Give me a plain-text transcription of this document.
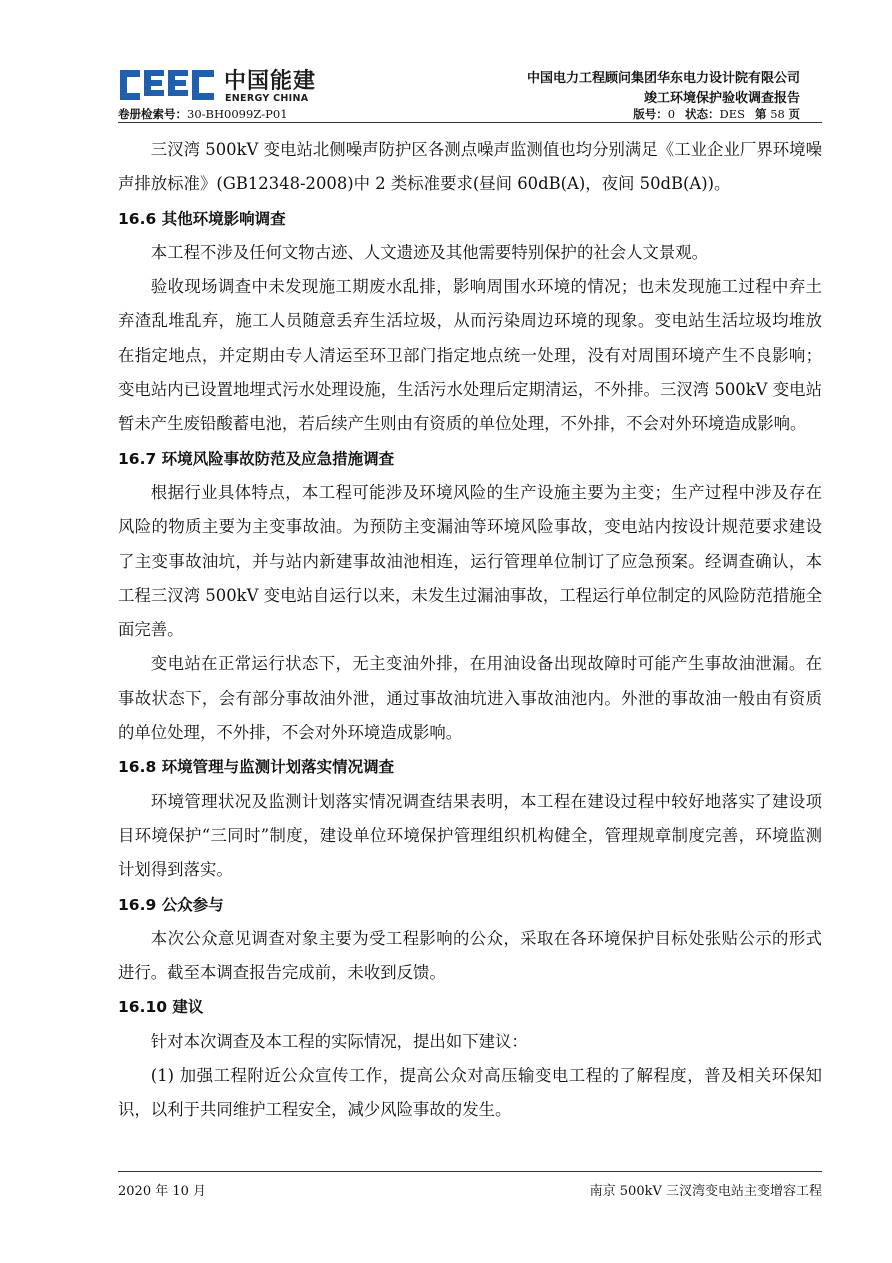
中国能建
ENERGY CHINA
中国电力工程顾问集团华东电力设计院有限公司
竣工环境保护验收调查报告
卷册检索号：30-BH0099Z-P01	版号：0 状态：DES 第 58 页

三汊湾 500kV 变电站北侧噪声防护区各测点噪声监测值也均分别满足《工业企业厂界环境噪声排放标准》(GB12348-2008)中 2 类标准要求(昼间 60dB(A)，夜间 50dB(A))。

16.6 其他环境影响调查

本工程不涉及任何文物古迹、人文遗迹及其他需要特别保护的社会人文景观。

验收现场调查中未发现施工期废水乱排，影响周围水环境的情况；也未发现施工过程中弃土弃渣乱堆乱弃，施工人员随意丢弃生活垃圾，从而污染周边环境的现象。变电站生活垃圾均堆放在指定地点，并定期由专人清运至环卫部门指定地点统一处理，没有对周围环境产生不良影响；变电站内已设置地埋式污水处理设施，生活污水处理后定期清运，不外排。三汊湾 500kV 变电站暂未产生废铅酸蓄电池，若后续产生则由有资质的单位处理，不外排，不会对外环境造成影响。

16.7 环境风险事故防范及应急措施调查

根据行业具体特点，本工程可能涉及环境风险的生产设施主要为主变；生产过程中涉及存在风险的物质主要为主变事故油。为预防主变漏油等环境风险事故，变电站内按设计规范要求建设了主变事故油坑，并与站内新建事故油池相连，运行管理单位制订了应急预案。经调查确认，本工程三汊湾 500kV 变电站自运行以来，未发生过漏油事故，工程运行单位制定的风险防范措施全面完善。

变电站在正常运行状态下，无主变油外排，在用油设备出现故障时可能产生事故油泄漏。在事故状态下，会有部分事故油外泄，通过事故油坑进入事故油池内。外泄的事故油一般由有资质的单位处理，不外排，不会对外环境造成影响。

16.8 环境管理与监测计划落实情况调查

环境管理状况及监测计划落实情况调查结果表明，本工程在建设过程中较好地落实了建设项目环境保护“三同时”制度，建设单位环境保护管理组织机构健全，管理规章制度完善，环境监测计划得到落实。

16.9 公众参与

本次公众意见调查对象主要为受工程影响的公众，采取在各环境保护目标处张贴公示的形式进行。截至本调查报告完成前，未收到反馈。

16.10 建议

针对本次调查及本工程的实际情况，提出如下建议：

(1) 加强工程附近公众宣传工作，提高公众对高压输变电工程的了解程度，普及相关环保知识，以利于共同维护工程安全，减少风险事故的发生。

2020 年 10 月	南京 500kV 三汊湾变电站主变增容工程
